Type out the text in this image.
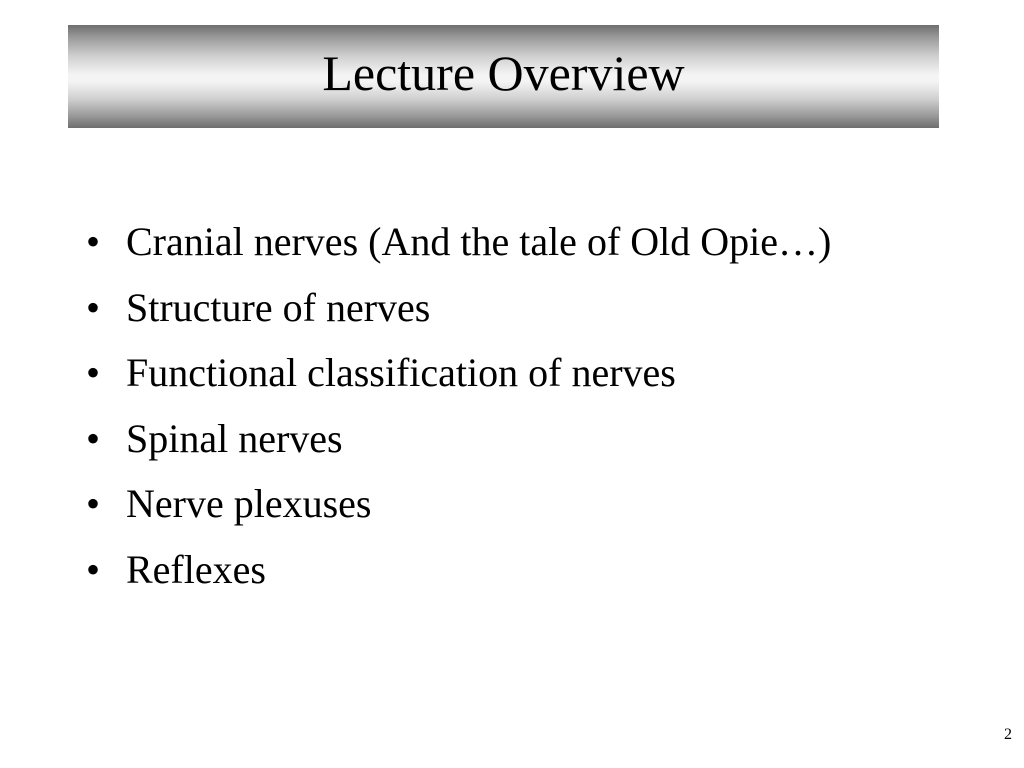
Lecture Overview
• Cranial nerves (And the tale of Old Opie…)
• Structure of nerves
• Functional classification of nerves
• Spinal nerves
• Nerve plexuses
• Reflexes
2
